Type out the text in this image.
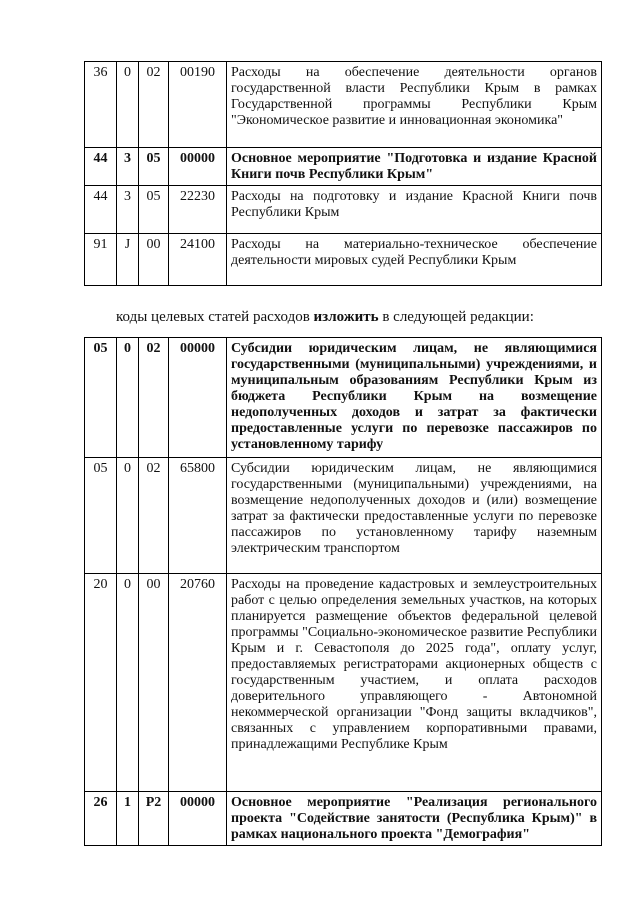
36	0	02	00190	Расходы на обеспечение деятельности органов государственной власти Республики Крым в рамках Государственной программы Республики Крым "Экономическое развитие и инновационная экономика"
44	3	05	00000	Основное мероприятие "Подготовка и издание Красной Книги почв Республики Крым"
44	3	05	22230	Расходы на подготовку и издание Красной Книги почв Республики Крым
91	J	00	24100	Расходы на материально-техническое обеспечение деятельности мировых судей Республики Крым
коды целевых статей расходов изложить в следующей редакции:
05	0	02	00000	Субсидии юридическим лицам, не являющимися государственными (муниципальными) учреждениями, и муниципальным образованиям Республики Крым из бюджета Республики Крым на возмещение недополученных доходов и затрат за фактически предоставленные услуги по перевозке пассажиров по установленному тарифу
05	0	02	65800	Субсидии юридическим лицам, не являющимися государственными (муниципальными) учреждениями, на возмещение недополученных доходов и (или) возмещение затрат за фактически предоставленные услуги по перевозке пассажиров по установленному тарифу наземным электрическим транспортом
20	0	00	20760	Расходы на проведение кадастровых и землеустроительных работ с целью определения земельных участков, на которых планируется размещение объектов федеральной целевой программы "Социально-экономическое развитие Республики Крым и г. Севастополя до 2025 года", оплату услуг, предоставляемых регистраторами акционерных обществ с государственным участием, и оплата расходов доверительного управляющего - Автономной некоммерческой организации "Фонд защиты вкладчиков", связанных с управлением корпоративными правами, принадлежащими Республике Крым
26	1	P2	00000	Основное мероприятие "Реализация регионального проекта "Содействие занятости (Республика Крым)" в рамках национального проекта "Демография"
